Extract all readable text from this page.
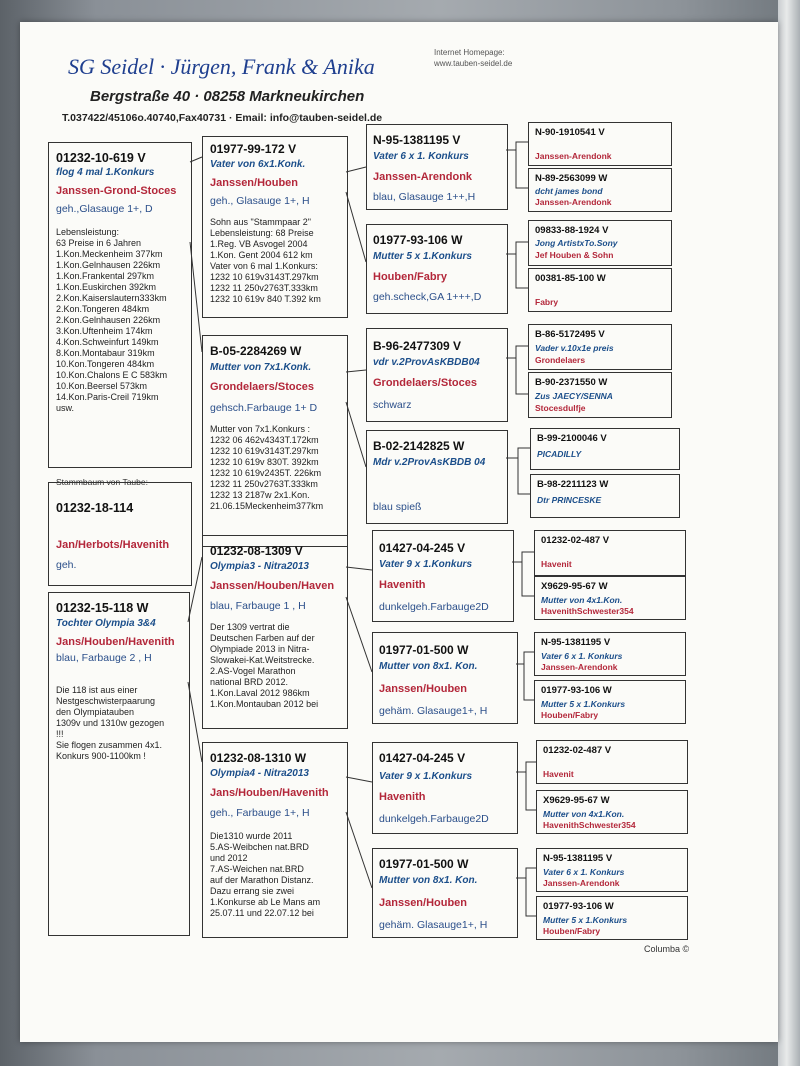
SG Seidel · Jürgen, Frank & Anika
Bergstraße 40 · 08258 Markneukirchen
T.037422/45106o.40740,Fax40731 · Email: info@tauben-seidel.de
Internet Homepage:
www.tauben-seidel.de
01232-10-619 V
flog 4 mal 1.Konkurs
Janssen-Grond-Stoces
geh.,Glasauge 1+, D
Lebensleistung:
63 Preise in 6 Jahren
1.Kon.Meckenheim 377km
1.Kon.Gelnhausen 226km
1.Kon.Frankental 297km
1.Kon.Euskirchen 392km
2.Kon.Kaiserslautern333km
2.Kon.Tongeren 484km
2.Kon.Gelnhausen 226km
3.Kon.Uftenheim 174km
4.Kon.Schweinfurt 149km
8.Kon.Montabaur 319km
10.Kon.Tongeren 484km
10.Kon.Chalons E C 583km
10.Kon.Beersel 573km
14.Kon.Paris-Creil 719km
usw.
Stammbaum von Taube:
01232-18-114
Jan/Herbots/Havenith
geh.
01232-15-118 W
Tochter Olympia 3&4
Jans/Houben/Havenith
blau, Farbauge 2 , H
Die 118 ist aus einer
Nestgeschwisterpaarung
den Olympiatauben
1309v und 1310w gezogen
!!!
Sie flogen zusammen 4x1.
Konkurs 900-1100km !
01977-99-172 V
Vater von 6x1.Konk.
Janssen/Houben
geh., Glasauge 1+, H
Sohn aus "Stammpaar 2"
Lebensleistung: 68 Preise
1.Reg. VB Asvogel 2004
1.Kon. Gent 2004 612 km
Vater von 6 mal 1.Konkurs:
1232 10 619v3143T.297km
1232 11 250v2763T.333km
1232 10 619v 840 T.392 km
B-05-2284269 W
Mutter von 7x1.Konk.
Grondelaers/Stoces
gehsch.Farbauge 1+ D
Mutter von 7x1.Konkurs :
1232 06 462v4343T.172km
1232 10 619v3143T.297km
1232 10 619v 830T. 392km
1232 10 619v2435T. 226km
1232 11 250v2763T.333km
1232 13 2187w 2x1.Kon.
21.06.15Meckenheim377km
01232-08-1309 V
Olympia3 - Nitra2013
Janssen/Houben/Haven
blau, Farbauge 1 , H
Der 1309 vertrat die
Deutschen Farben auf der
Olympiade 2013 in Nitra-
Slowakei-Kat.Weitstrecke.
2.AS-Vogel Marathon
national BRD 2012.
1.Kon.Laval 2012 986km
1.Kon.Montauban 2012 bei
01232-08-1310 W
Olympia4 - Nitra2013
Jans/Houben/Havenith
geh., Farbauge 1+, H
Die1310 wurde 2011
5.AS-Weibchen nat.BRD
und 2012
7.AS-Weichen nat.BRD
auf der Marathon Distanz.
Dazu errang sie zwei
1.Konkurse ab Le Mans am
25.07.11 und 22.07.12 bei
N-95-1381195 V
Vater 6 x 1. Konkurs
Janssen-Arendonk
blau, Glasauge 1++,H
01977-93-106 W
Mutter 5 x 1.Konkurs
Houben/Fabry
geh.scheck,GA 1+++,D
B-96-2477309 V
vdr v.2ProvAsKBDB04
Grondelaers/Stoces
schwarz
B-02-2142825 W
Mdr v.2ProvAsKBDB 04
blau spieß
01427-04-245 V
Vater 9 x 1.Konkurs
Havenith
dunkelgeh.Farbauge2D
01977-01-500 W
Mutter von 8x1. Kon.
Janssen/Houben
gehäm. Glasauge1+, H
01427-04-245 V
Vater 9 x 1.Konkurs
Havenith
dunkelgeh.Farbauge2D
01977-01-500 W
Mutter von 8x1. Kon.
Janssen/Houben
gehäm. Glasauge1+, H
N-90-1910541 V
Janssen-Arendonk
N-89-2563099 W
dcht james bond
Janssen-Arendonk
09833-88-1924 V
Jong ArtistxTo.Sony
Jef Houben & Sohn
00381-85-100 W
Fabry
B-86-5172495 V
Vader v.10x1e preis
Grondelaers
B-90-2371550 W
Zus JAECY/SENNA
Stocesdulfje
B-99-2100046 V
PICADILLY
B-98-2211123 W
Dtr PRINCESKE
01232-02-487 V
Havenit
X9629-95-67 W
Mutter von 4x1.Kon.
HavenithSchwester354
N-95-1381195 V
Vater 6 x 1. Konkurs
Janssen-Arendonk
01977-93-106 W
Mutter 5 x 1.Konkurs
Houben/Fabry
01232-02-487 V
Havenit
X9629-95-67 W
Mutter von 4x1.Kon.
HavenithSchwester354
N-95-1381195 V
Vater 6 x 1. Konkurs
Janssen-Arendonk
01977-93-106 W
Mutter 5 x 1.Konkurs
Houben/Fabry
Columba ©
